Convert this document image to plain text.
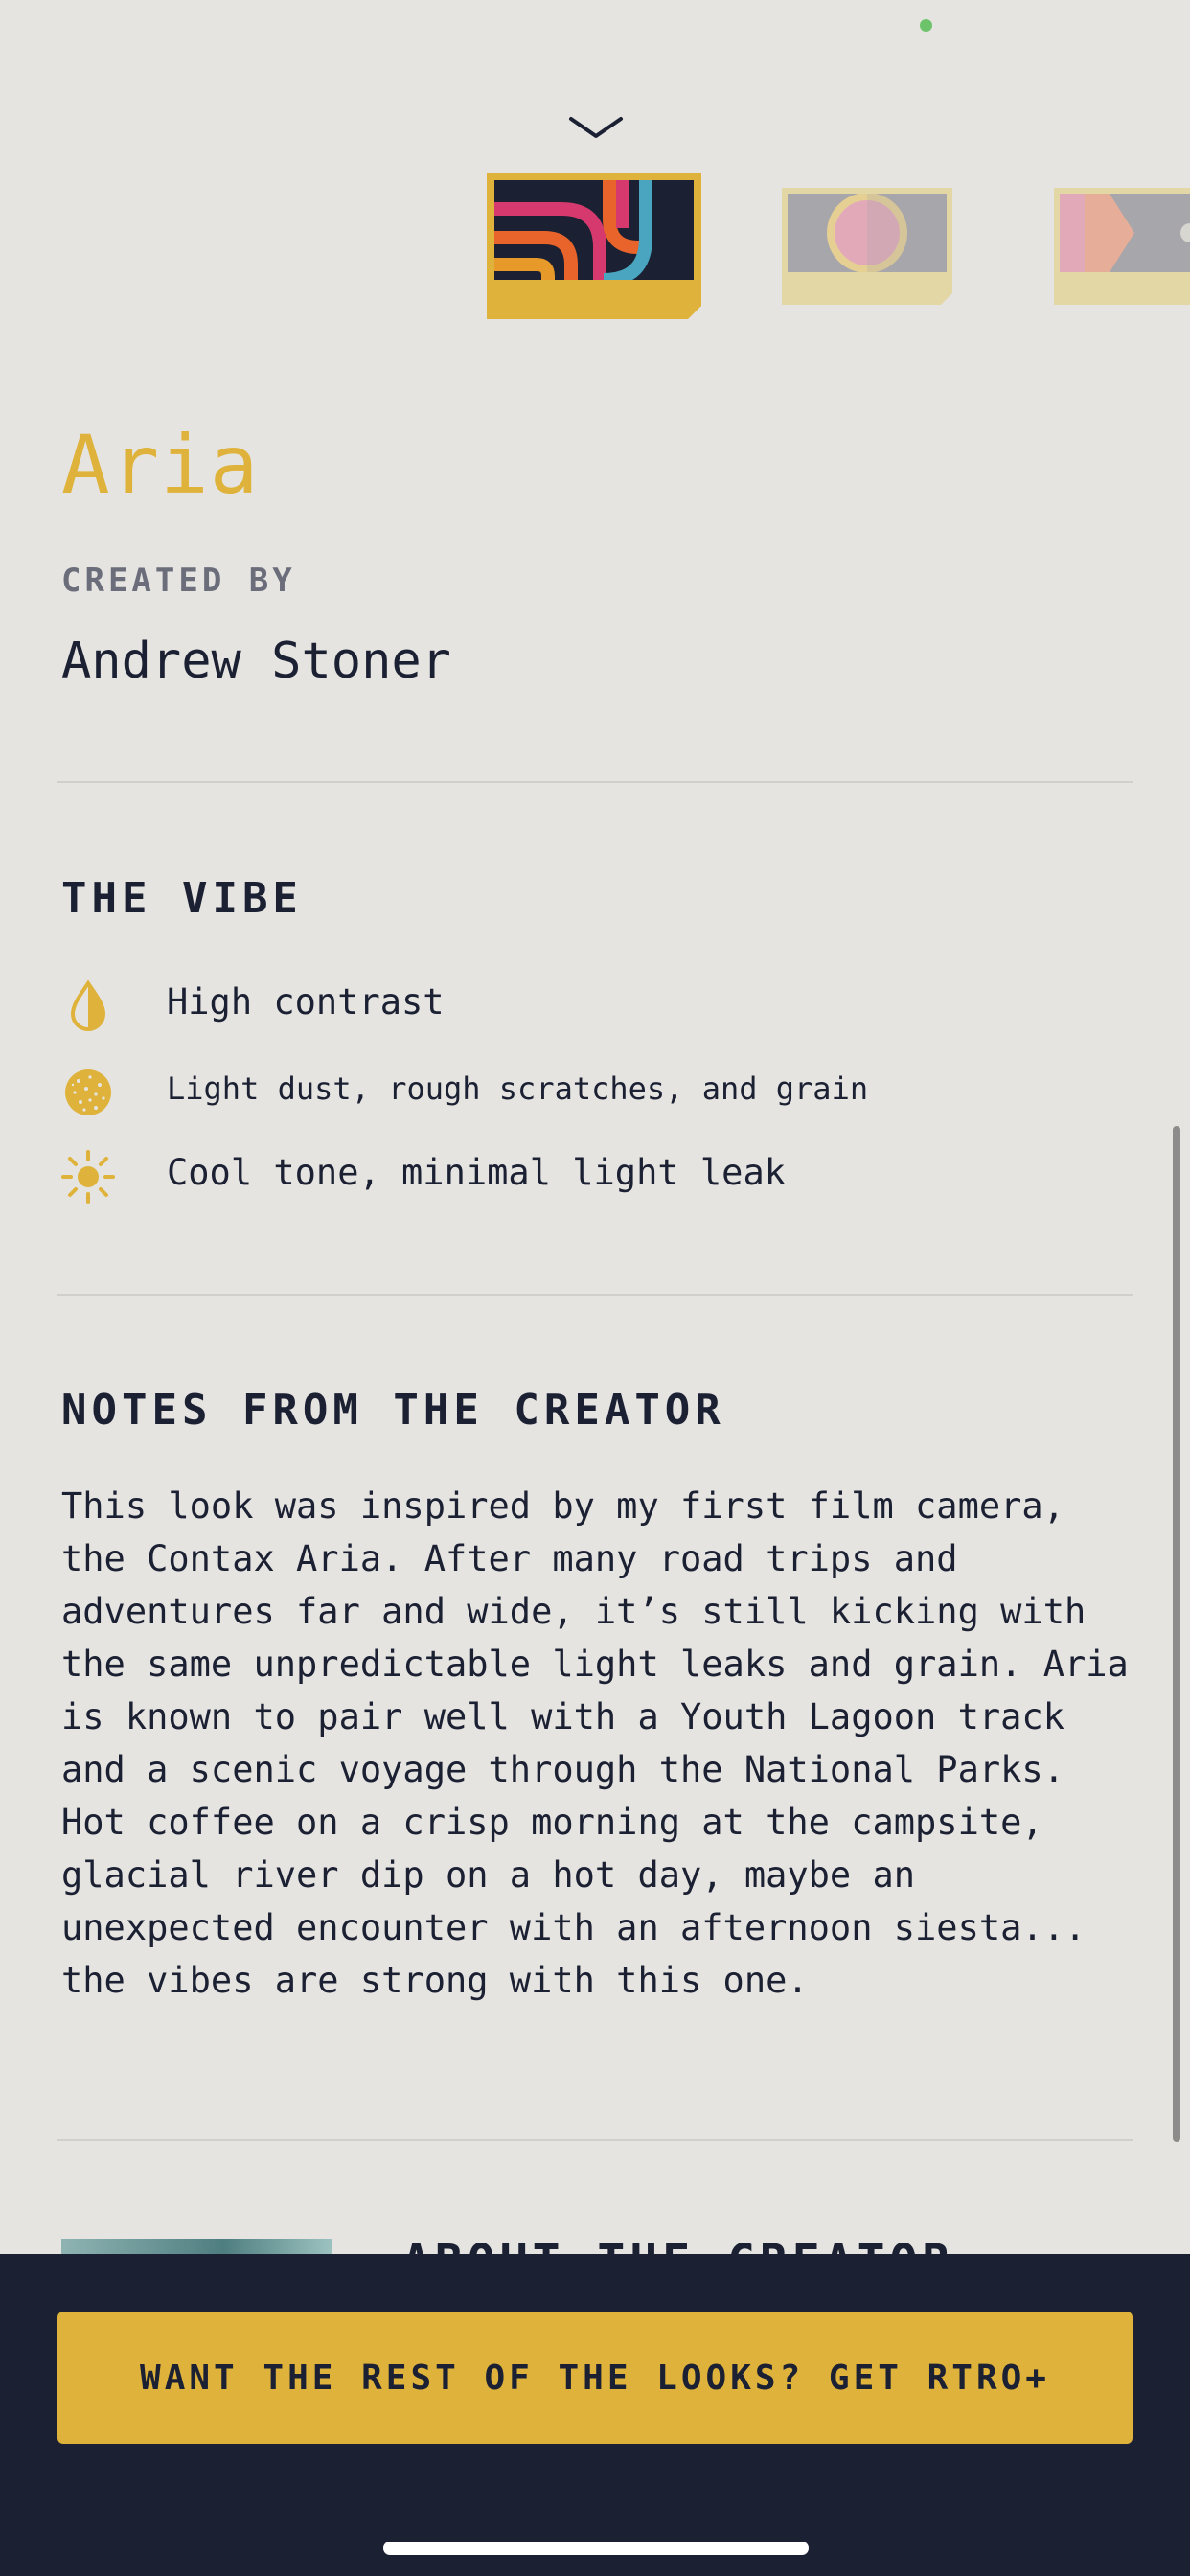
Aria
CREATED BY
Andrew Stoner
THE VIBE
High contrast
Light dust, rough scratches, and grain
Cool tone, minimal light leak
NOTES FROM THE CREATOR

This look was inspired by my first film camera, the Contax Aria. After many road trips and adventures far and wide, it’s still kicking with the same unpredictable light leaks and grain. Aria is known to pair well with a Youth Lagoon track and a scenic voyage through the National Parks. Hot coffee on a crisp morning at the campsite, glacial river dip on a hot day, maybe an unexpected encounter with an afternoon siesta... the vibes are strong with this one.

WANT THE REST OF THE LOOKS? GET RTRO+
